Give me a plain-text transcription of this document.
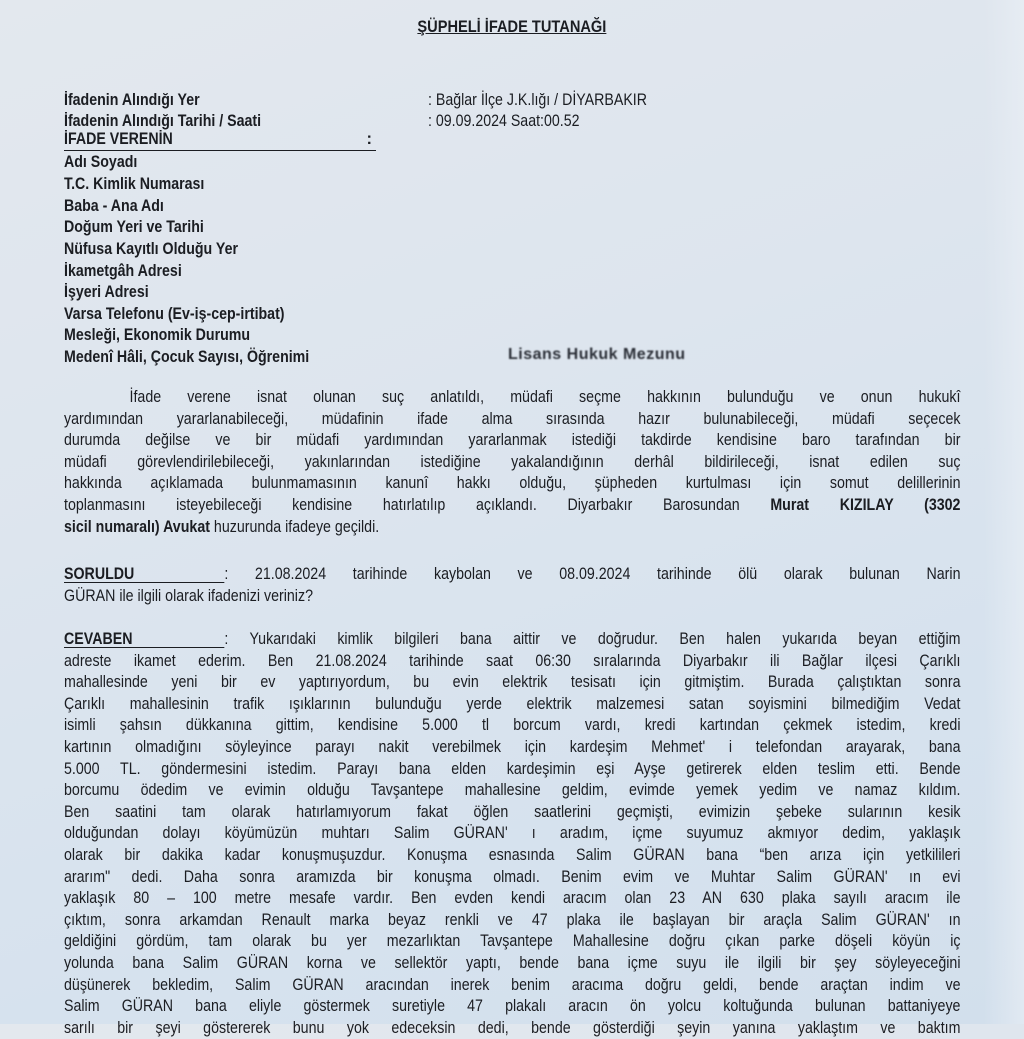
ŞÜPHELİ İFADE TUTANAĞI
İfadenin Alındığı Yer	: Bağlar İlçe J.K.lığı / DİYARBAKIR
İfadenin Alındığı Tarihi / Saati	: 09.09.2024 Saat:00.52
İFADE VERENİN	:
Adı Soyadı
T.C. Kimlik Numarası
Baba - Ana Adı
Doğum Yeri ve Tarihi
Nüfusa Kayıtlı Olduğu Yer
İkametgâh Adresi
İşyeri Adresi
Varsa Telefonu (Ev-iş-cep-irtibat)
Mesleği, Ekonomik Durumu
Medenî Hâli, Çocuk Sayısı, Öğrenimi	Lisans Hukuk Mezunu
İfade verene isnat olunan suç anlatıldı, müdafi seçme hakkının bulunduğu ve onun hukukî
yardımından yararlanabileceği, müdafinin ifade alma sırasında hazır bulunabileceği, müdafi seçecek
durumda değilse ve bir müdafi yardımından yararlanmak istediği takdirde kendisine baro tarafından bir
müdafi görevlendirilebileceği, yakınlarından istediğine yakalandığının derhâl bildirileceği, isnat edilen suç
hakkında açıklamada bulunmamasının kanunî hakkı olduğu, şüpheden kurtulması için somut delillerinin
toplanmasını isteyebileceği kendisine hatırlatılıp açıklandı. Diyarbakır Barosundan Murat KIZILAY (3302
sicil numaralı) Avukat huzurunda ifadeye geçildi.
SORULDU	: 21.08.2024 tarihinde kaybolan ve 08.09.2024 tarihinde ölü olarak bulunan Narin
GÜRAN ile ilgili olarak ifadenizi veriniz?
CEVABEN	: Yukarıdaki kimlik bilgileri bana aittir ve doğrudur. Ben halen yukarıda beyan ettiğim
adreste ikamet ederim. Ben 21.08.2024 tarihinde saat 06:30 sıralarında Diyarbakır ili Bağlar ilçesi Çarıklı
mahallesinde yeni bir ev yaptırıyordum, bu evin elektrik tesisatı için gitmiştim. Burada çalıştıktan sonra
Çarıklı mahallesinin trafik ışıklarının bulunduğu yerde elektrik malzemesi satan soyismini bilmediğim Vedat
isimli şahsın dükkanına gittim, kendisine 5.000 tl borcum vardı, kredi kartından çekmek istedim, kredi
kartının olmadığını söyleyince parayı nakit verebilmek için kardeşim Mehmet' i telefondan arayarak, bana
5.000 TL. göndermesini istedim. Parayı bana elden kardeşimin eşi Ayşe getirerek elden teslim etti. Bende
borcumu ödedim ve evimin olduğu Tavşantepe mahallesine geldim, evimde yemek yedim ve namaz kıldım.
Ben saatini tam olarak hatırlamıyorum fakat öğlen saatlerini geçmişti, evimizin şebeke sularının kesik
olduğundan dolayı köyümüzün muhtarı Salim GÜRAN' ı aradım, içme suyumuz akmıyor dedim, yaklaşık
olarak bir dakika kadar konuşmuşuzdur. Konuşma esnasında Salim GÜRAN bana “ben arıza için yetkilileri
ararım" dedi. Daha sonra aramızda bir konuşma olmadı. Benim evim ve Muhtar Salim GÜRAN' ın evi
yaklaşık 80 – 100 metre mesafe vardır. Ben evden kendi aracım olan 23 AN 630 plaka sayılı aracım ile
çıktım, sonra arkamdan Renault marka beyaz renkli ve 47 plaka ile başlayan bir araçla Salim GÜRAN' ın
geldiğini gördüm, tam olarak bu yer mezarlıktan Tavşantepe Mahallesine doğru çıkan parke döşeli köyün iç
yolunda bana Salim GÜRAN korna ve sellektör yaptı, bende bana içme suyu ile ilgili bir şey söyleyeceğini
düşünerek bekledim, Salim GÜRAN aracından inerek benim aracıma doğru geldi, bende araçtan indim ve
Salim GÜRAN bana eliyle göstermek suretiyle 47 plakalı aracın ön yolcu koltuğunda bulunan battaniyeye
sarılı bir şeyi göstererek bunu yok edeceksin dedi, bende gösterdiği şeyin yanına yaklaştım ve baktım
